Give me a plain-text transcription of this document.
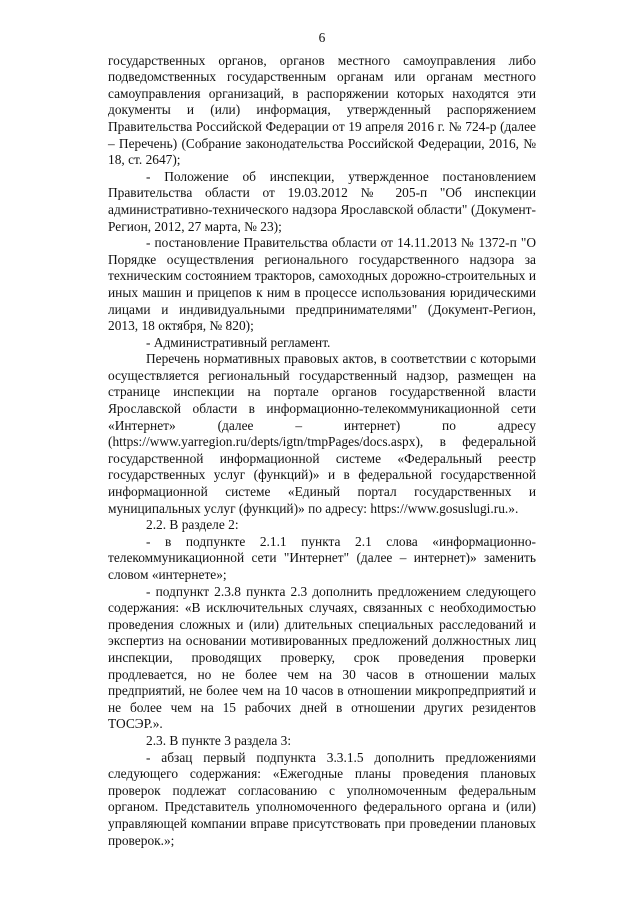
6

государственных органов, органов местного самоуправления либо подведомственных государственным органам или органам местного самоуправления организаций, в распоряжении которых находятся эти документы и (или) информация, утвержденный распоряжением Правительства Российской Федерации от 19 апреля 2016 г. № 724-р (далее – Перечень) (Собрание законодательства Российской Федерации, 2016, № 18, ст. 2647);

- Положение об инспекции, утвержденное постановлением Правительства области от 19.03.2012 № 205-п "Об инспекции административно-технического надзора Ярославской области" (Документ-Регион, 2012, 27 марта, № 23);

- постановление Правительства области от 14.11.2013 № 1372-п "О Порядке осуществления регионального государственного надзора за техническим состоянием тракторов, самоходных дорожно-строительных и иных машин и прицепов к ним в процессе использования юридическими лицами и индивидуальными предпринимателями" (Документ-Регион, 2013, 18 октября, № 820);

- Административный регламент.

Перечень нормативных правовых актов, в соответствии с которыми осуществляется региональный государственный надзор, размещен на странице инспекции на портале органов государственной власти Ярославской области в информационно-телекоммуникационной сети «Интернет» (далее – интернет) по адресу (https://www.yarregion.ru/depts/igtn/tmpPages/docs.aspx), в федеральной государственной информационной системе «Федеральный реестр государственных услуг (функций)» и в федеральной государственной информационной системе «Единый портал государственных и муниципальных услуг (функций)» по адресу: https://www.gosuslugi.ru.».

2.2. В разделе 2:

- в подпункте 2.1.1 пункта 2.1 слова «информационно-телекоммуникационной сети "Интернет" (далее – интернет)» заменить словом «интернете»;

- подпункт 2.3.8 пункта 2.3 дополнить предложением следующего содержания: «В исключительных случаях, связанных с необходимостью проведения сложных и (или) длительных специальных расследований и экспертиз на основании мотивированных предложений должностных лиц инспекции, проводящих проверку, срок проведения проверки продлевается, но не более чем на 30 часов в отношении малых предприятий, не более чем на 10 часов в отношении микропредприятий и не более чем на 15 рабочих дней в отношении других резидентов ТОСЭР.».

2.3. В пункте 3 раздела 3:

- абзац первый подпункта 3.3.1.5 дополнить предложениями следующего содержания: «Ежегодные планы проведения плановых проверок подлежат согласованию с уполномоченным федеральным органом. Представитель уполномоченного федерального органа и (или) управляющей компании вправе присутствовать при проведении плановых проверок.»;
